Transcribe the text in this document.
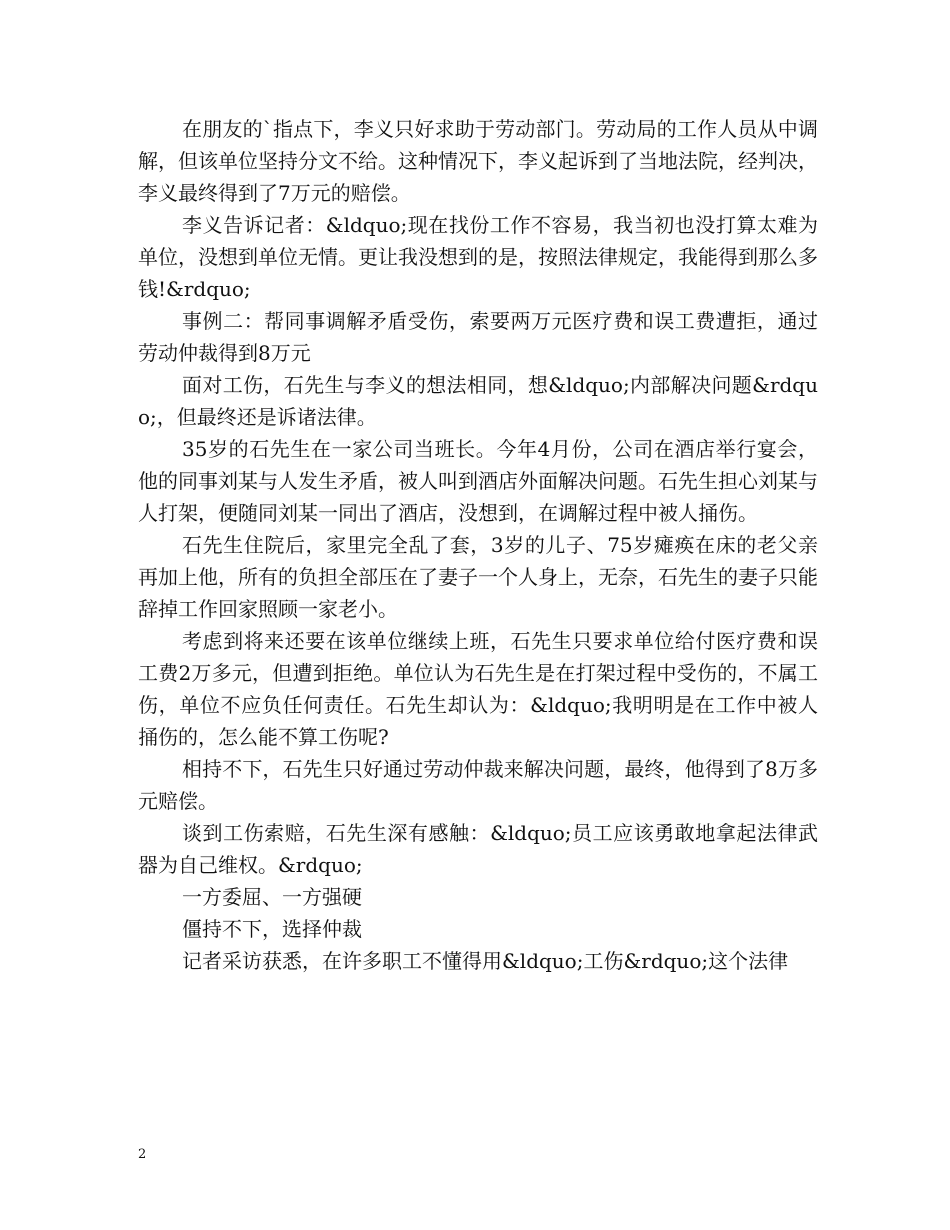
在朋友的`指点下，李义只好求助于劳动部门。劳动局的工作人员从中调解，但该单位坚持分文不给。这种情况下，李义起诉到了当地法院，经判决，李义最终得到了7万元的赔偿。

李义告诉记者：&ldquo;现在找份工作不容易，我当初也没打算太难为单位，没想到单位无情。更让我没想到的是，按照法律规定，我能得到那么多钱!&rdquo;

事例二：帮同事调解矛盾受伤，索要两万元医疗费和误工费遭拒，通过劳动仲裁得到8万元

面对工伤，石先生与李义的想法相同，想&ldquo;内部解决问题&rdquo;，但最终还是诉诸法律。

35岁的石先生在一家公司当班长。今年4月份，公司在酒店举行宴会，他的同事刘某与人发生矛盾，被人叫到酒店外面解决问题。石先生担心刘某与人打架，便随同刘某一同出了酒店，没想到，在调解过程中被人捅伤。

石先生住院后，家里完全乱了套，3岁的儿子、75岁瘫痪在床的老父亲再加上他，所有的负担全部压在了妻子一个人身上，无奈，石先生的妻子只能辞掉工作回家照顾一家老小。

考虑到将来还要在该单位继续上班，石先生只要求单位给付医疗费和误工费2万多元，但遭到拒绝。单位认为石先生是在打架过程中受伤的，不属工伤，单位不应负任何责任。石先生却认为：&ldquo;我明明是在工作中被人捅伤的，怎么能不算工伤呢?

相持不下，石先生只好通过劳动仲裁来解决问题，最终，他得到了8万多元赔偿。

谈到工伤索赔，石先生深有感触：&ldquo;员工应该勇敢地拿起法律武器为自己维权。&rdquo;

一方委屈、一方强硬

僵持不下，选择仲裁

记者采访获悉，在许多职工不懂得用&ldquo;工伤&rdquo;这个法律

2
